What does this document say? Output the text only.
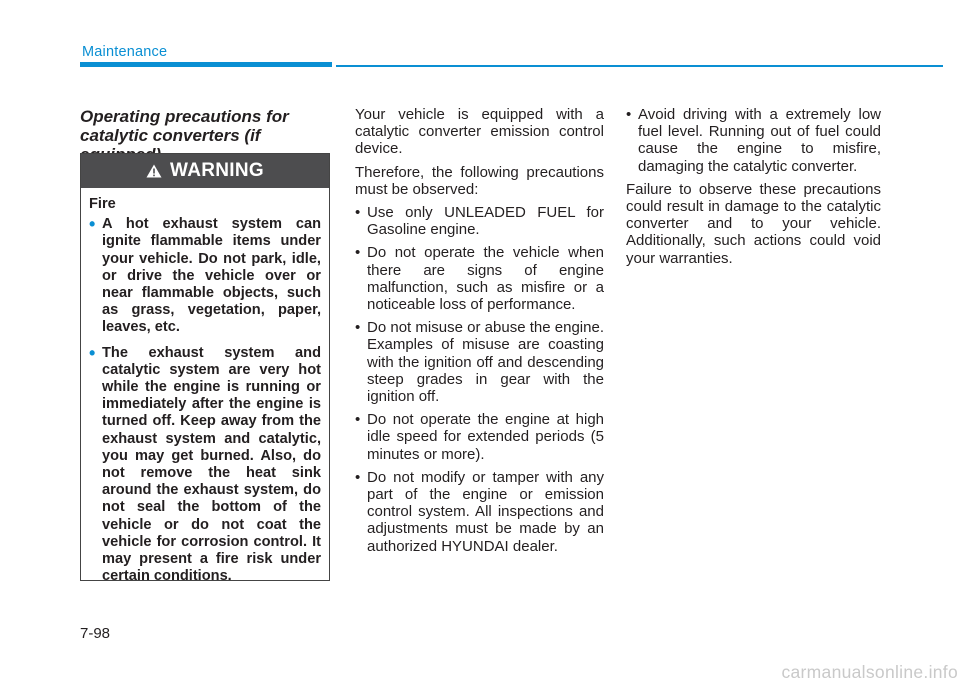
Maintenance
Operating precautions for catalytic converters (if
WARNING
Fire
• A hot exhaust system can ignite flammable items under your vehicle. Do not park, idle, or drive the vehicle over or near flammable objects, such as grass, vegetation, paper, leaves, etc.
• The exhaust system and catalytic system are very hot while the engine is running or immediately after the engine is turned off. Keep away from the exhaust system and catalytic, you may get burned. Also, do not remove the heat sink around the exhaust system, do not seal the bottom of the vehicle or do not coat the vehicle for corrosion control. It may present a fire risk under certain conditions.

Your vehicle is equipped with a catalytic converter emission control device.

Therefore, the following precautions must be observed:

• Use only UNLEADED FUEL for Gasoline engine.
• Do not operate the vehicle when there are signs of engine malfunction, such as misfire or a noticeable loss of performance.
• Do not misuse or abuse the engine. Examples of misuse are coasting with the ignition off and descending steep grades in gear with the ignition off.
• Do not operate the engine at high idle speed for extended periods (5 minutes or more).
• Do not modify or tamper with any part of the engine or emission control system. All inspections and adjustments must be made by an authorized HYUNDAI dealer.
• Avoid driving with a extremely low fuel level. Running out of fuel could cause the engine to misfire, damaging the catalytic converter.

Failure to observe these precautions could result in damage to the catalytic converter and to your vehicle. Additionally, such actions could void your warranties.

7-98
carmanualsonline.info
